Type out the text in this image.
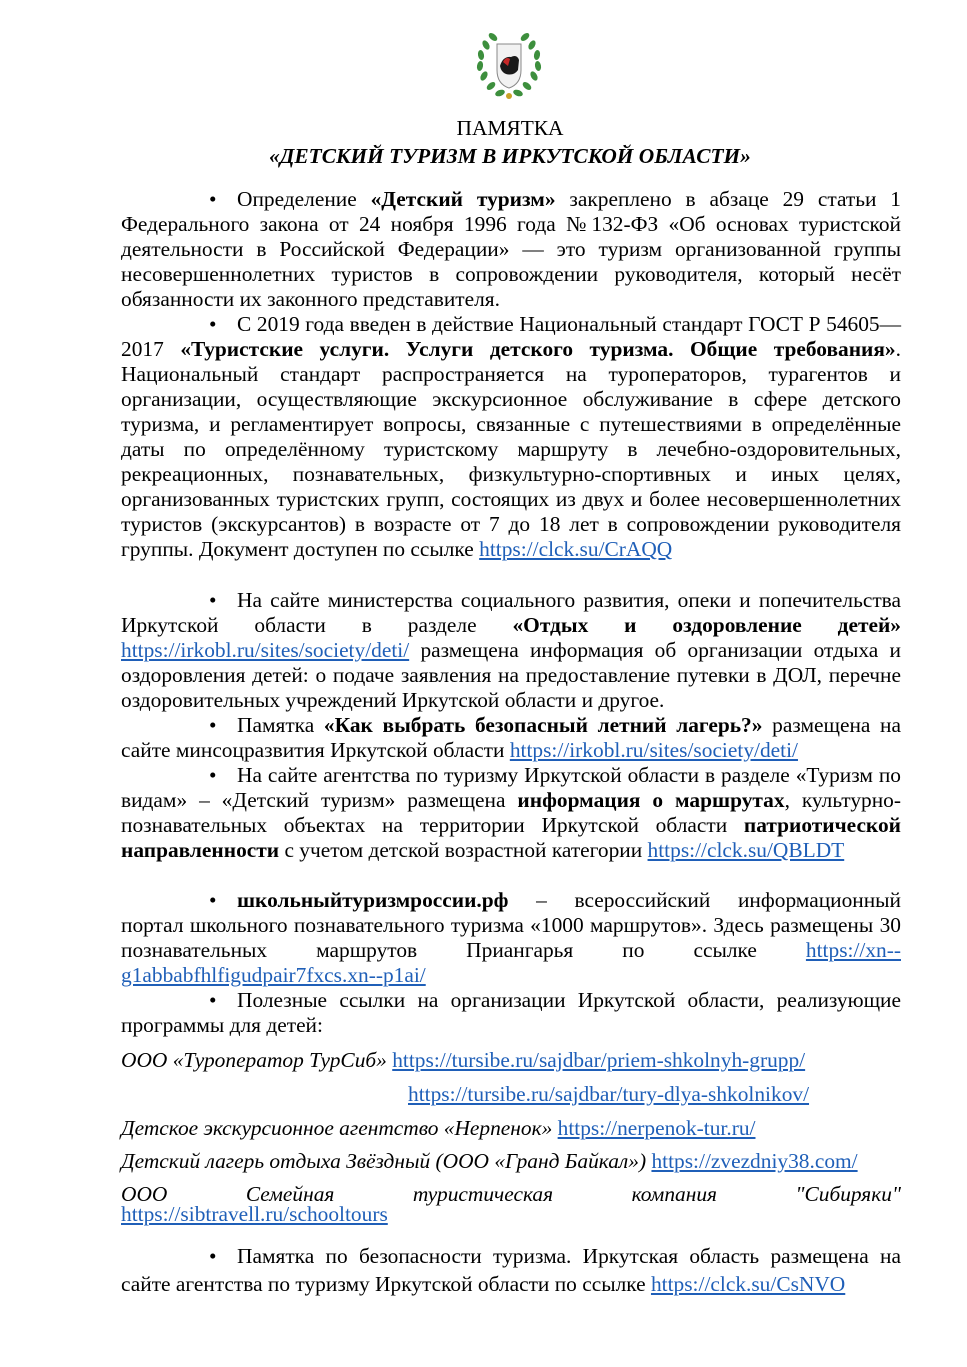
ПАМЯТКА
«ДЕТСКИЙ ТУРИЗМ В ИРКУТСКОЙ ОБЛАСТИ»
• Определение «Детский туризм» закреплено в абзаце 29 статьи 1 Федерального закона от 24 ноября 1996 года №132-ФЗ «Об основах туристской деятельности в Российской Федерации» — это туризм организованной группы несовершеннолетних туристов в сопровождении руководителя, который несёт обязанности их законного представителя.
• С 2019 года введен в действие Национальный стандарт ГОСТ Р 54605— 2017 «Туристские услуги. Услуги детского туризма. Общие требования». Национальный стандарт распространяется на туроператоров, турагентов и организации, осуществляющие экскурсионное обслуживание в сфере детского туризма, и регламентирует вопросы, связанные с путешествиями в определённые даты по определённому туристскому маршруту в лечебно-оздоровительных, рекреационных, познавательных, физкультурно-спортивных и иных целях, организованных туристских групп, состоящих из двух и более несовершеннолетних туристов (экскурсантов) в возрасте от 7 до 18 лет в сопровождении руководителя группы. Документ доступен по ссылке https://clck.su/CrAQQ
• На сайте министерства социального развития, опеки и попечительства Иркутской области в разделе «Отдых и оздоровление детей» https://irkobl.ru/sites/society/deti/ размещена информация об организации отдыха и оздоровления детей: о подаче заявления на предоставление путевки в ДОЛ, перечне оздоровительных учреждений Иркутской области и другое.
• Памятка «Как выбрать безопасный летний лагерь?» размещена на сайте минсоцразвития Иркутской области https://irkobl.ru/sites/society/deti/
• На сайте агентства по туризму Иркутской области в разделе «Туризм по видам» – «Детский туризм» размещена информация о маршрутах, культурно-познавательных объектах на территории Иркутской области патриотической направленности с учетом детской возрастной категории https://clck.su/QBLDT
• школьныйтуризмроссии.рф – всероссийский информационный портал школьного познавательного туризма «1000 маршрутов». Здесь размещены 30 познавательных маршрутов Приангарья по ссылке https://xn--g1abbabfhlfigudpair7fxcs.xn--p1ai/
• Полезные ссылки на организации Иркутской области, реализующие программы для детей:
ООО «Туроператор ТурСиб» https://tursibe.ru/sajdbar/priem-shkolnyh-grupp/
https://tursibe.ru/sajdbar/tury-dlya-shkolnikov/
Детское экскурсионное агентство «Нерпенок» https://nerpenok-tur.ru/
Детский лагерь отдыха Звёздный (ООО «Гранд Байкал») https://zvezdniy38.com/
ООО	Семейная	туристическая	компания	"Сибиряки"
https://sibtravell.ru/schooltours
• Памятка по безопасности туризма. Иркутская область размещена на сайте агентства по туризму Иркутской области по ссылке https://clck.su/CsNVO
